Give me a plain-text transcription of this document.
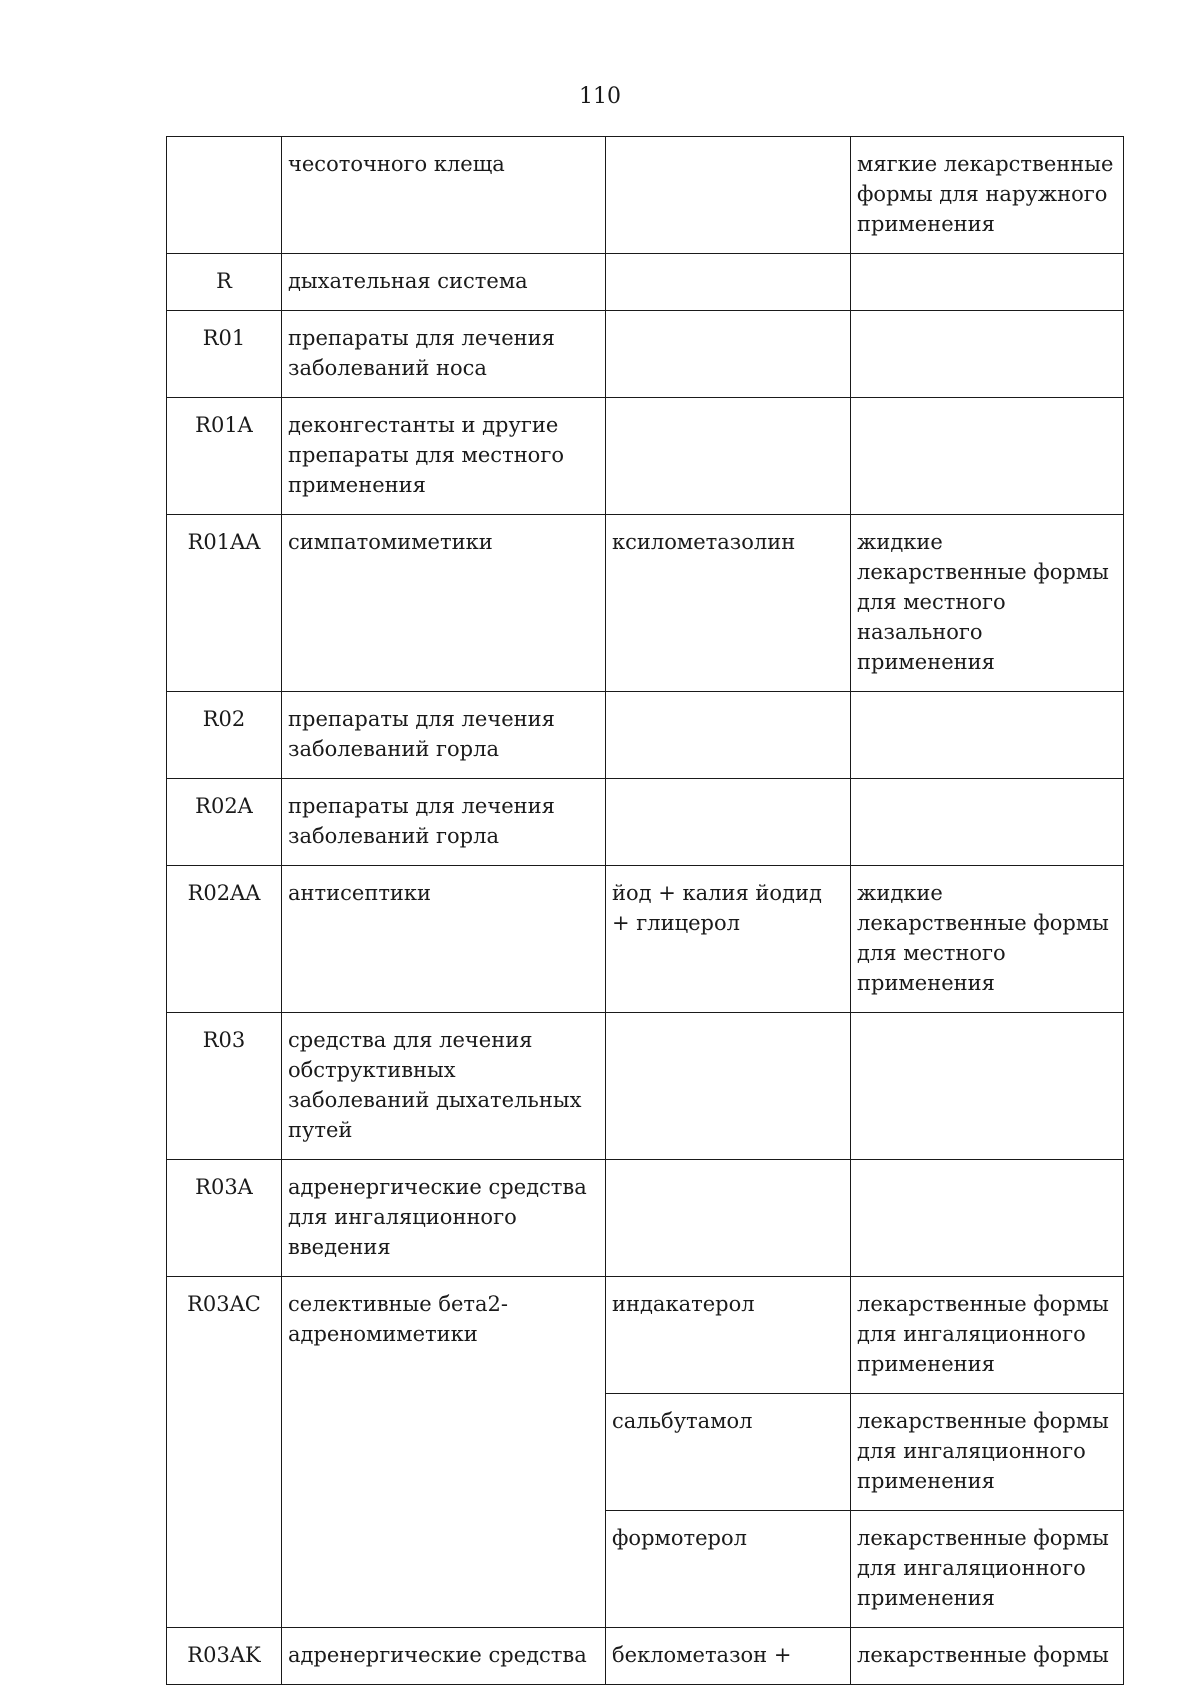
110
	чесоточного клеща		мягкие лекарственные формы для наружного применения
R	дыхательная система		
R01	препараты для лечения заболеваний носа		
R01A	деконгестанты и другие препараты для местного применения		
R01AA	симпатомиметики	ксилометазолин	жидкие лекарственные формы для местного назального применения
R02	препараты для лечения заболеваний горла		
R02A	препараты для лечения заболеваний горла		
R02AA	антисептики	йод + калия йодид + глицерол	жидкие лекарственные формы для местного применения
R03	средства для лечения обструктивных заболеваний дыхательных путей		
R03A	адренергические средства для ингаляционного введения		
R03AC	селективные бета2-адреномиметики	индакатерол	лекарственные формы для ингаляционного применения
		сальбутамол	лекарственные формы для ингаляционного применения
		формотерол	лекарственные формы для ингаляционного применения
R03AK	адренергические средства	беклометазон +	лекарственные формы
